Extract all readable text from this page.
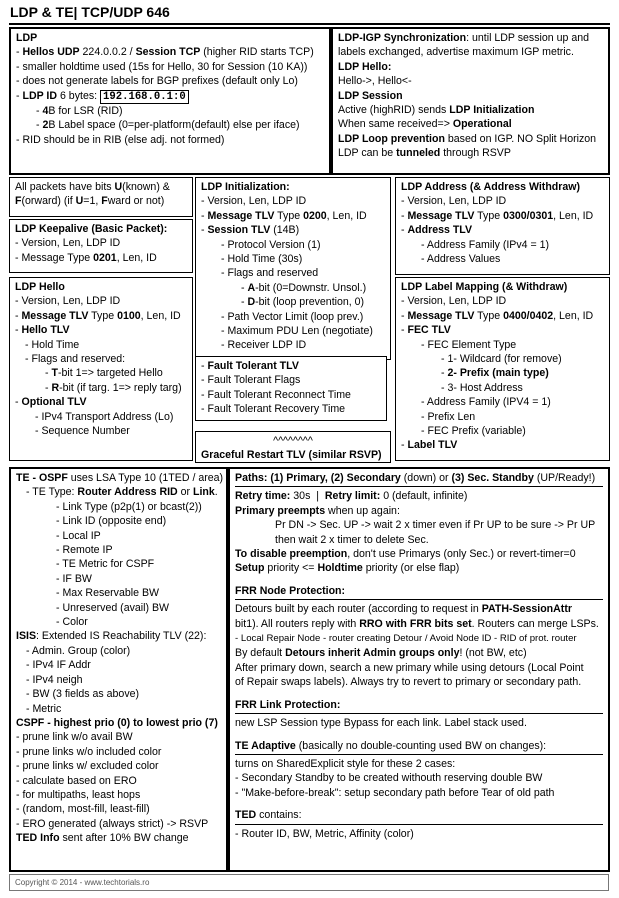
LDP & TE| TCP/UDP 646
LDP
- Hellos UDP 224.0.0.2 / Session TCP (higher RID starts TCP)
- smaller holdtime used (15s for Hello, 30 for Session (10 KA))
- does not generate labels for BGP prefixes (default only Lo)
- LDP ID 6 bytes: 192.168.0.1:0
- 4B for LSR (RID)
- 2B Label space (0=per-platform(default) else per iface)
- RID should be in RIB (else adj. not formed)
LDP-IGP Synchronization: until LDP session up and
labels exchanged, advertise maximum IGP metric.
LDP Hello:
Hello->, Hello<-
LDP Session
Active (highRID) sends LDP Initialization
When same received=> Operational
LDP Loop prevention based on IGP. NO Split Horizon
LDP can be tunneled through RSVP
All packets have bits U(known) &
F(orward) (if U=1, Fward or not)
LDP Keepalive (Basic Packet):
- Version, Len, LDP ID
- Message Type 0201, Len, ID
LDP Hello
- Version, Len, LDP ID
- Message TLV Type 0100, Len, ID
- Hello TLV
- Hold Time
- Flags and reserved:
- T-bit 1=> targeted Hello
- R-bit (if targ. 1=> reply targ)
- Optional TLV
- IPv4 Transport Address (Lo)
- Sequence Number
LDP Initialization:
- Version, Len, LDP ID
- Message TLV Type 0200, Len, ID
- Session TLV (14B)
- Protocol Version (1)
- Hold Time (30s)
- Flags and reserved
- A-bit (0=Downstr. Unsol.)
- D-bit (loop prevention, 0)
- Path Vector Limit (loop prev.)
- Maximum PDU Len (negotiate)
- Receiver LDP ID
- Fault Tolerant TLV
- Fault Tolerant Flags
- Fault Tolerant Reconnect Time
- Fault Tolerant Recovery Time
^^^^^^^^
Graceful Restart TLV (similar RSVP)
LDP Address (& Address Withdraw)
- Version, Len, LDP ID
- Message TLV Type 0300/0301, Len, ID
- Address TLV
- Address Family (IPv4 = 1)
- Address Values
LDP Label Mapping (& Withdraw)
- Version, Len, LDP ID
- Message TLV Type 0400/0402, Len, ID
- FEC TLV
- FEC Element Type
- 1- Wildcard (for remove)
- 2- Prefix (main type)
- 3- Host Address
- Address Family (IPV4 = 1)
- Prefix Len
- FEC Prefix (variable)
- Label TLV
TE - OSPF uses LSA Type 10 (1TED / area)
- TE Type: Router Address RID or Link.
- Link Type (p2p(1) or bcast(2))
- Link ID (opposite end)
- Local IP
- Remote IP
- TE Metric for CSPF
- IF BW
- Max Reservable BW
- Unreserved (avail) BW
- Color
ISIS: Extended IS Reachability TLV (22):
- Admin. Group (color)
- IPv4 IF Addr
- IPv4 neigh
- BW (3 fields as above)
- Metric
CSPF - highest prio (0) to lowest prio (7)
- prune link w/o avail BW
- prune links w/o included color
- prune links w/ excluded color
- calculate based on ERO
- for multipaths, least hops
- (random, most-fill, least-fill)
- ERO generated (always strict) -> RSVP
TED Info sent after 10% BW change
Paths: (1) Primary, (2) Secondary (down) or (3) Sec. Standby (UP/Ready!)
Retry time: 30s  |  Retry limit: 0 (default, infinite)
Primary preempts when up again:
Pr DN -> Sec. UP -> wait 2 x timer even if Pr UP to be sure -> Pr UP
then wait 2 x timer to delete Sec.
To disable preemption, don't use Primarys (only Sec.) or revert-timer=0
Setup priority <= Holdtime priority (or else flap)
FRR Node Protection:
Detours built by each router (according to request in PATH-SessionAttr
bit1). All routers reply with RRO with FRR bits set. Routers can merge LSPs.
- Local Repair Node - router creating Detour / Avoid Node ID - RID of prot. router
By default Detours inherit Admin groups only! (not BW, etc)
After primary down, search a new primary while using detours (Local Point
of Repair swaps labels). Always try to revert to primary or secondary path.
FRR Link Protection:
new LSP Session type Bypass for each link. Label stack used.
TE Adaptive (basically no double-counting used BW on changes):
turns on SharedExplicit style for these 2 cases:
- Secondary Standby to be created withouth reserving double BW
- "Make-before-break": setup secondary path before Tear of old path
TED contains:
- Router ID, BW, Metric, Affinity (color)
Copyright © 2014 - www.techtorials.ro
